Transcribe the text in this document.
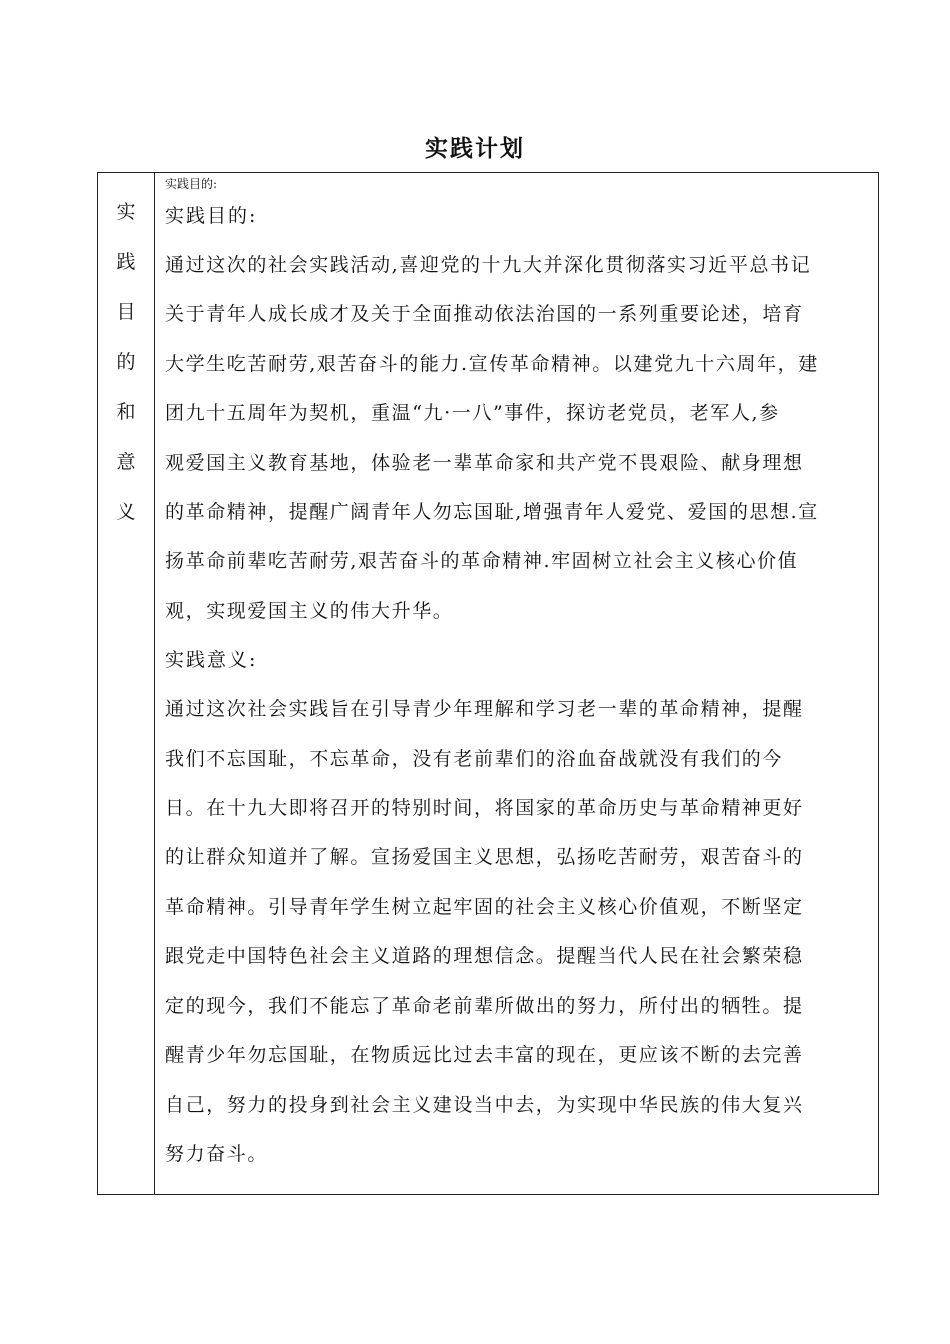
实践计划
实
践
目
的
和
意
义
实践目的:
实践目的:
通过这次的社会实践活动,喜迎党的十九大并深化贯彻落实习近平总书记
关于青年人成长成才及关于全面推动依法治国的一系列重要论述，培育
大学生吃苦耐劳,艰苦奋斗的能力.宣传革命精神。以建党九十六周年，建
团九十五周年为契机，重温“九·一八”事件，探访老党员，老军人,参
观爱国主义教育基地，体验老一辈革命家和共产党不畏艰险、献身理想
的革命精神，提醒广阔青年人勿忘国耻,增强青年人爱党、爱国的思想.宣
扬革命前辈吃苦耐劳,艰苦奋斗的革命精神.牢固树立社会主义核心价值
观，实现爱国主义的伟大升华。
实践意义:
通过这次社会实践旨在引导青少年理解和学习老一辈的革命精神，提醒
我们不忘国耻，不忘革命，没有老前辈们的浴血奋战就没有我们的今
日。在十九大即将召开的特别时间，将国家的革命历史与革命精神更好
的让群众知道并了解。宣扬爱国主义思想，弘扬吃苦耐劳，艰苦奋斗的
革命精神。引导青年学生树立起牢固的社会主义核心价值观，不断坚定
跟党走中国特色社会主义道路的理想信念。提醒当代人民在社会繁荣稳
定的现今，我们不能忘了革命老前辈所做出的努力，所付出的牺牲。提
醒青少年勿忘国耻，在物质远比过去丰富的现在，更应该不断的去完善
自己，努力的投身到社会主义建设当中去，为实现中华民族的伟大复兴
努力奋斗。
